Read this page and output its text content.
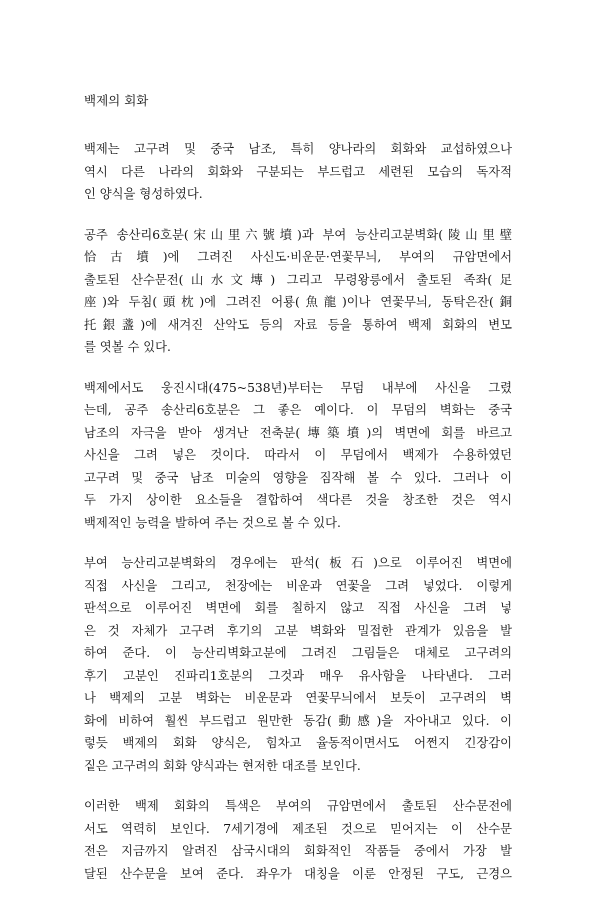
백제의 회화
백제는 고구려 및 중국 남조, 특히 양나라의 회화와 교섭하였으나
역시 다른 나라의 회화와 구분되는 부드럽고 세련된 모습의 독자적
인 양식을 형성하였다.
공주 송산리6호분(宋山里六號墳)과 부여 능산리고분벽화(陵山里壁
恰古墳)에 그려진 사신도·비운문·연꽃무늬, 부여의 규암면에서
출토된 산수문전(山水文塼) 그리고 무령왕릉에서 출토된 족좌(足
座)와 두침(頭枕)에 그려진 어룡(魚龍)이나 연꽃무늬, 동탁은잔(銅
托銀盞)에 새겨진 산악도 등의 자료 등을 통하여 백제 회화의 변모
를 엿볼 수 있다.
백제에서도 웅진시대(475~538년)부터는 무덤 내부에 사신을 그렸
는데, 공주 송산리6호분은 그 좋은 예이다. 이 무덤의 벽화는 중국
남조의 자극을 받아 생겨난 전축분(塼築墳)의 벽면에 회를 바르고
사신을 그려 넣은 것이다. 따라서 이 무덤에서 백제가 수용하였던
고구려 및 중국 남조 미술의 영향을 짐작해 볼 수 있다. 그러나 이
두 가지 상이한 요소들을 결합하여 색다른 것을 창조한 것은 역시
백제적인 능력을 발하여 주는 것으로 볼 수 있다.
부여 능산리고분벽화의 경우에는 판석(板石)으로 이루어진 벽면에
직접 사신을 그리고, 천장에는 비운과 연꽃을 그려 넣었다. 이렇게
판석으로 이루어진 벽면에 회를 칠하지 않고 직접 사신을 그려 넣
은 것 자체가 고구려 후기의 고분 벽화와 밀접한 관계가 있음을 발
하여 준다. 이 능산리벽화고분에 그려진 그림들은 대체로 고구려의
후기 고분인 진파리1호분의 그것과 매우 유사함을 나타낸다. 그러
나 백제의 고분 벽화는 비운문과 연꽃무늬에서 보듯이 고구려의 벽
화에 비하여 훨씬 부드럽고 원만한 동감(動感)을 자아내고 있다. 이
렇듯 백제의 회화 양식은, 힘차고 율동적이면서도 어쩐지 긴장감이
짙은 고구려의 회화 양식과는 현저한 대조를 보인다.
이러한 백제 회화의 특색은 부여의 규암면에서 출토된 산수문전에
서도 역력히 보인다. 7세기경에 제조된 것으로 믿어지는 이 산수문
전은 지금까지 알려진 삼국시대의 회화적인 작품들 중에서 가장 발
달된 산수문을 보여 준다. 좌우가 대칭을 이룬 안정된 구도, 근경으
